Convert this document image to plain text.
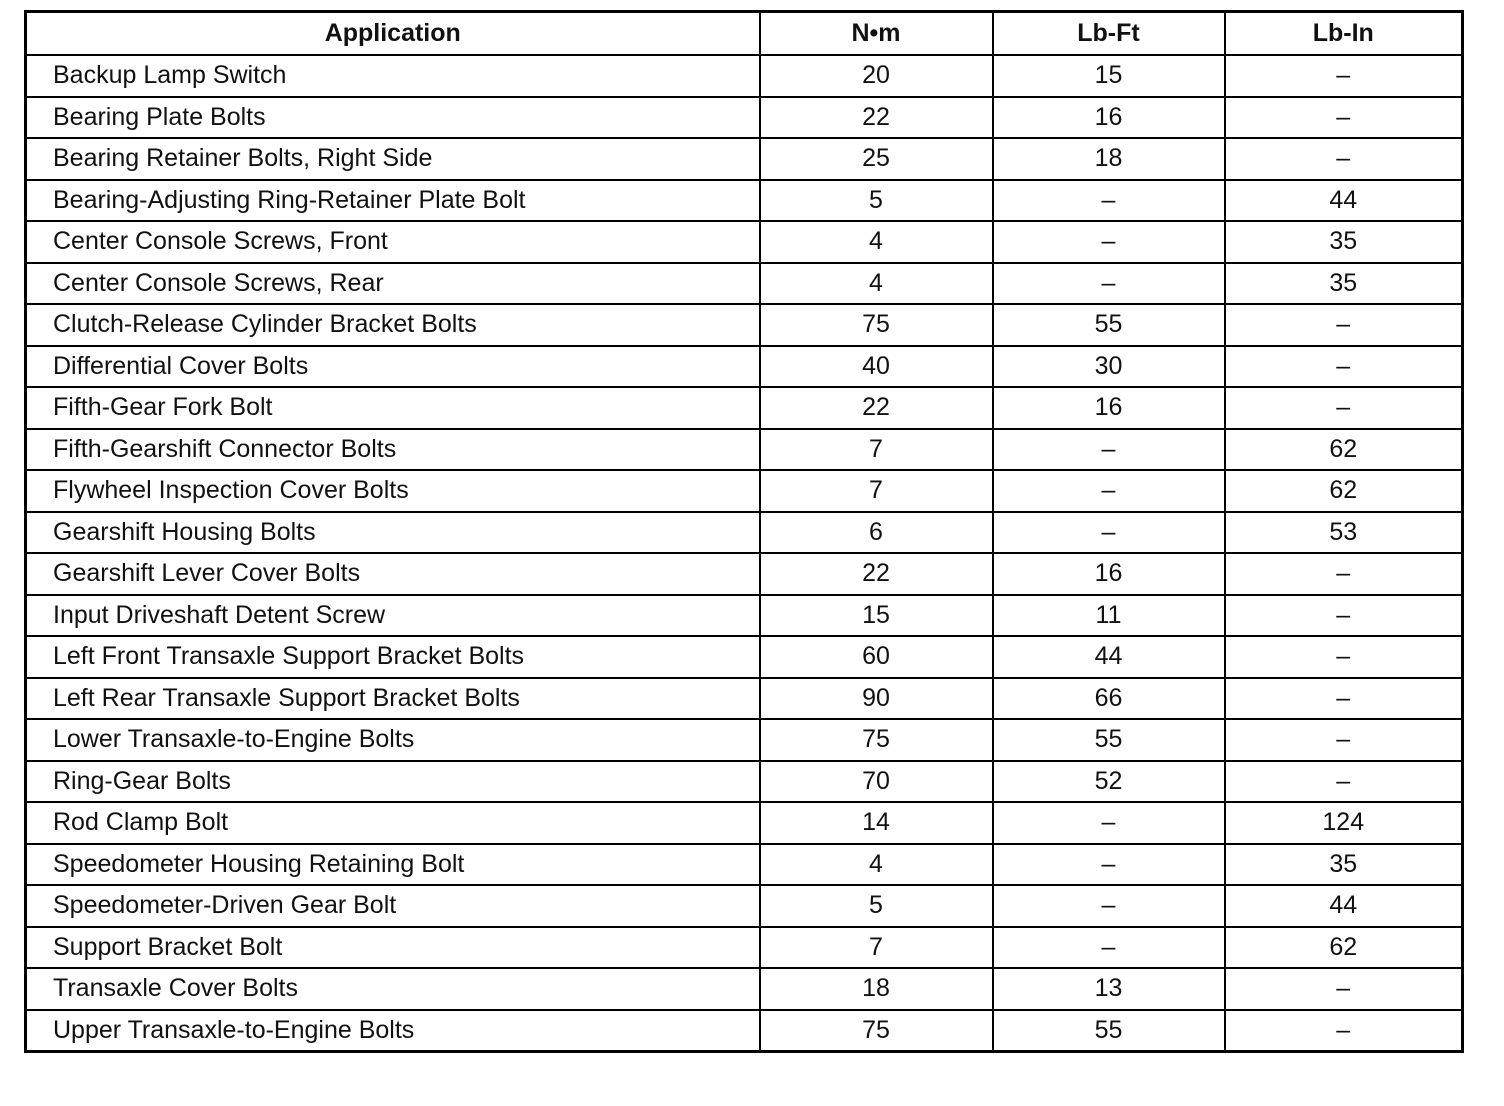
Application	N•m	Lb-Ft	Lb-In
Backup Lamp Switch	20	15	–
Bearing Plate Bolts	22	16	–
Bearing Retainer Bolts, Right Side	25	18	–
Bearing-Adjusting Ring-Retainer Plate Bolt	5	–	44
Center Console Screws, Front	4	–	35
Center Console Screws, Rear	4	–	35
Clutch-Release Cylinder Bracket Bolts	75	55	–
Differential Cover Bolts	40	30	–
Fifth-Gear Fork Bolt	22	16	–
Fifth-Gearshift Connector Bolts	7	–	62
Flywheel Inspection Cover Bolts	7	–	62
Gearshift Housing Bolts	6	–	53
Gearshift Lever Cover Bolts	22	16	–
Input Driveshaft Detent Screw	15	11	–
Left Front Transaxle Support Bracket Bolts	60	44	–
Left Rear Transaxle Support Bracket Bolts	90	66	–
Lower Transaxle-to-Engine Bolts	75	55	–
Ring-Gear Bolts	70	52	–
Rod Clamp Bolt	14	–	124
Speedometer Housing Retaining Bolt	4	–	35
Speedometer-Driven Gear Bolt	5	–	44
Support Bracket Bolt	7	–	62
Transaxle Cover Bolts	18	13	–
Upper Transaxle-to-Engine Bolts	75	55	–
